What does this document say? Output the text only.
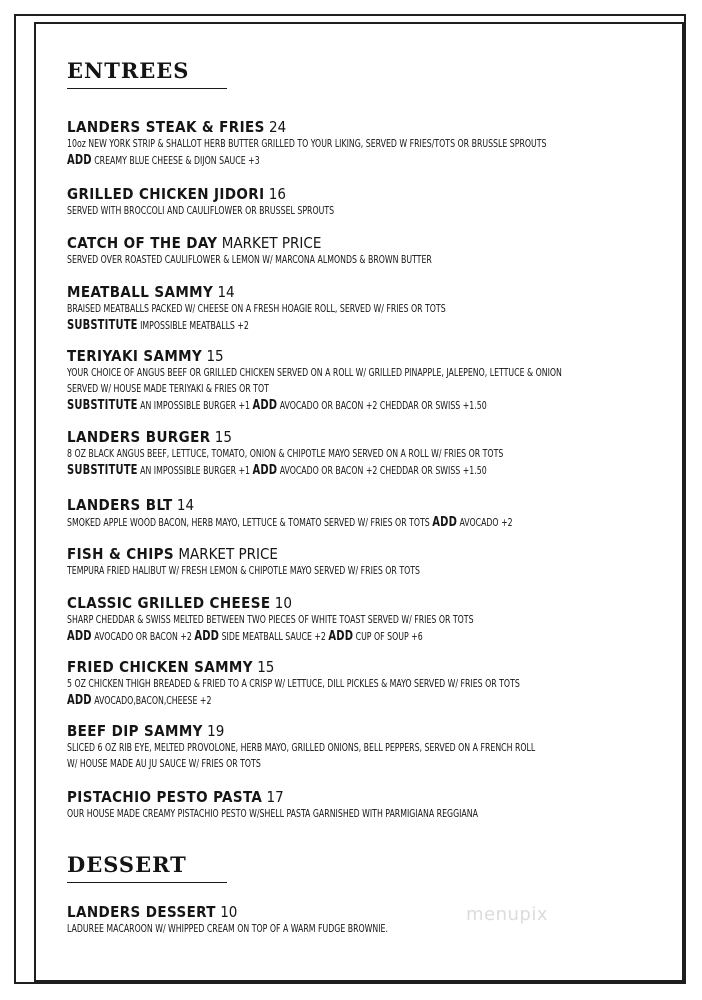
ENTREES
LANDERS STEAK & FRIES 24
10oz NEW YORK STRIP & SHALLOT HERB BUTTER GRILLED TO YOUR LIKING, SERVED W FRIES/TOTS OR BRUSSLE SPROUTS
ADD CREAMY BLUE CHEESE & DIJON SAUCE +3
GRILLED CHICKEN JIDORI 16
SERVED WITH BROCCOLI AND CAULIFLOWER OR BRUSSEL SPROUTS
CATCH OF THE DAY MARKET PRICE
SERVED OVER ROASTED CAULIFLOWER & LEMON W/ MARCONA ALMONDS & BROWN BUTTER
MEATBALL SAMMY 14
BRAISED MEATBALLS PACKED W/ CHEESE ON A FRESH HOAGIE ROLL, SERVED W/ FRIES OR TOTS
SUBSTITUTE IMPOSSIBLE MEATBALLS +2
TERIYAKI SAMMY 15
YOUR CHOICE OF ANGUS BEEF OR GRILLED CHICKEN SERVED ON A ROLL W/ GRILLED PINAPPLE, JALEPENO, LETTUCE & ONION
SERVED W/ HOUSE MADE TERIYAKI & FRIES OR TOT
SUBSTITUTE AN IMPOSSIBLE BURGER +1 ADD AVOCADO OR BACON +2 CHEDDAR OR SWISS +1.50
LANDERS BURGER 15
8 OZ BLACK ANGUS BEEF, LETTUCE, TOMATO, ONION & CHIPOTLE MAYO SERVED ON A ROLL W/ FRIES OR TOTS
SUBSTITUTE AN IMPOSSIBLE BURGER +1 ADD AVOCADO OR BACON +2 CHEDDAR OR SWISS +1.50
LANDERS BLT 14
SMOKED APPLE WOOD BACON, HERB MAYO, LETTUCE & TOMATO SERVED W/ FRIES OR TOTS ADD AVOCADO +2
FISH & CHIPS MARKET PRICE
TEMPURA FRIED HALIBUT W/ FRESH LEMON & CHIPOTLE MAYO SERVED W/ FRIES OR TOTS
CLASSIC GRILLED CHEESE 10
SHARP CHEDDAR & SWISS MELTED BETWEEN TWO PIECES OF WHITE TOAST SERVED W/ FRIES OR TOTS
ADD AVOCADO OR BACON +2 ADD SIDE MEATBALL SAUCE +2 ADD CUP OF SOUP +6
FRIED CHICKEN SAMMY 15
5 OZ CHICKEN THIGH BREADED & FRIED TO A CRISP W/ LETTUCE, DILL PICKLES & MAYO SERVED W/ FRIES OR TOTS
ADD AVOCADO,BACON,CHEESE +2
BEEF DIP SAMMY 19
SLICED 6 OZ RIB EYE, MELTED PROVOLONE, HERB MAYO, GRILLED ONIONS, BELL PEPPERS, SERVED ON A FRENCH ROLL
W/ HOUSE MADE AU JU SAUCE W/ FRIES OR TOTS
PISTACHIO PESTO PASTA 17
OUR HOUSE MADE CREAMY PISTACHIO PESTO W/SHELL PASTA GARNISHED WITH PARMIGIANA REGGIANA
LANDERS DESSERT 10
LADUREE MACAROON W/ WHIPPED CREAM ON TOP OF A WARM FUDGE BROWNIE.
DESSERT
menupix
